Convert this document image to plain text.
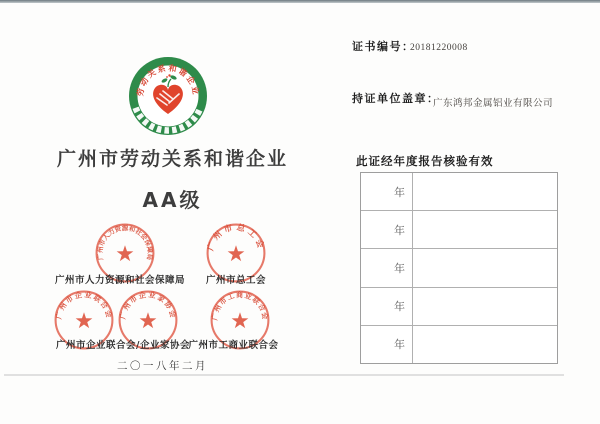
劳动关系和谐企业
广州市劳动关系和谐企业
AA级
广州市人力资源和社会保障局
广州市总工会
广州市企业联合会 广州市企业家协会	广州市工商业联合会
广州市人力资源和社会保障局	广州市总工会
广州市企业联合会/企业家协会
广州市工商业联合会
二〇一八年二月
证书编号：
20181220008
持证单位盖章：
广东鸿邦金属铝业有限公司
此证经年度报告核验有效
年
年
年
年
年
